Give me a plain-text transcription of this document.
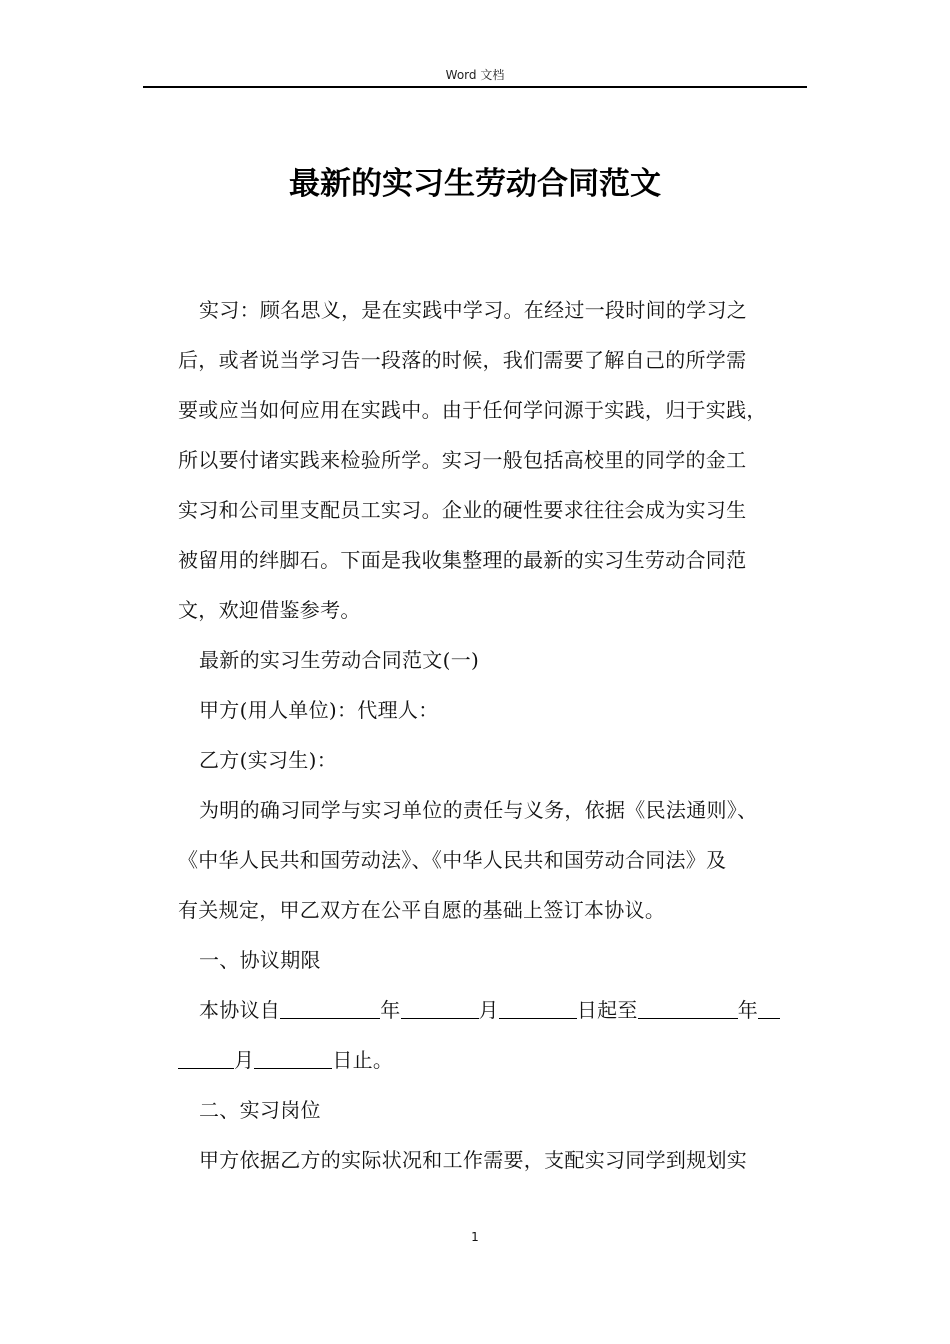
Word 文档
最新的实习生劳动合同范文
实习：顾名思义，是在实践中学习。在经过一段时间的学习之
后，或者说当学习告一段落的时候，我们需要了解自己的所学需
要或应当如何应用在实践中。由于任何学问源于实践，归于实践，
所以要付诸实践来检验所学。实习一般包括高校里的同学的金工
实习和公司里支配员工实习。企业的硬性要求往往会成为实习生
被留用的绊脚石。下面是我收集整理的最新的实习生劳动合同范
文，欢迎借鉴参考。
最新的实习生劳动合同范文(一)
甲方(用人单位)：代理人：
乙方(实习生)：
为明的确习同学与实习单位的责任与义务，依据《民法通则》、
《中华人民共和国劳动法》、《中华人民共和国劳动合同法》及
有关规定，甲乙双方在公平自愿的基础上签订本协议。
一、协议期限
本协议自	年	月	日起至	年
月	日止。
二、实习岗位
甲方依据乙方的实际状况和工作需要，支配实习同学到规划实
1
